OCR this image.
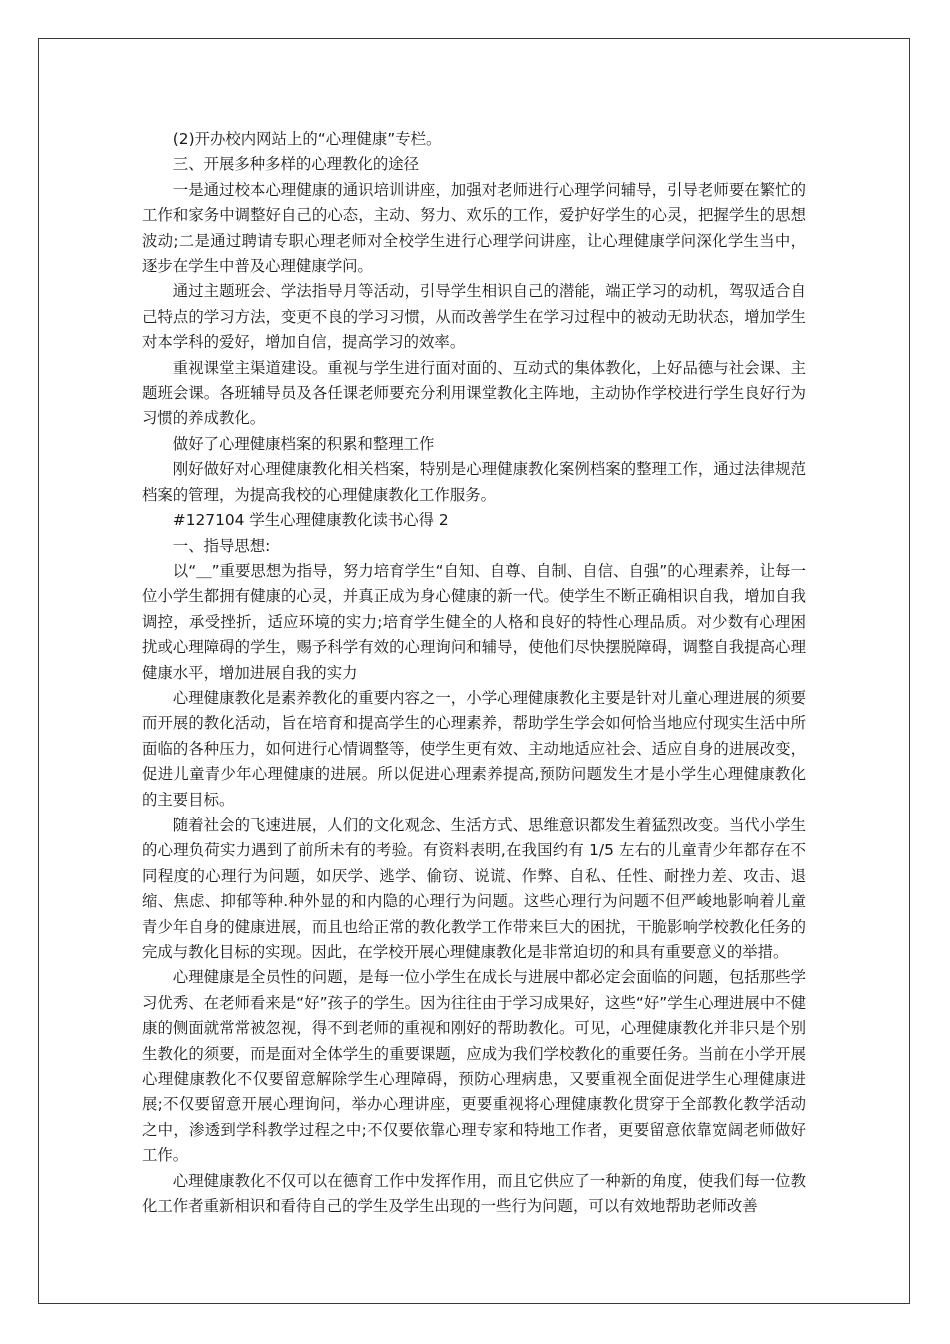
(2)开办校内网站上的“心理健康”专栏。

三、开展多种多样的心理教化的途径

一是通过校本心理健康的通识培训讲座，加强对老师进行心理学问辅导，引导老师要在繁忙的工作和家务中调整好自己的心态，主动、努力、欢乐的工作，爱护好学生的心灵，把握学生的思想波动;二是通过聘请专职心理老师对全校学生进行心理学问讲座，让心理健康学问深化学生当中，逐步在学生中普及心理健康学问。

通过主题班会、学法指导月等活动，引导学生相识自己的潜能，端正学习的动机，驾驭适合自己特点的学习方法，变更不良的学习习惯，从而改善学生在学习过程中的被动无助状态，增加学生对本学科的爱好，增加自信，提高学习的效率。

重视课堂主渠道建设。重视与学生进行面对面的、互动式的集体教化，上好品德与社会课、主题班会课。各班辅导员及各任课老师要充分利用课堂教化主阵地，主动协作学校进行学生良好行为习惯的养成教化。

做好了心理健康档案的积累和整理工作

刚好做好对心理健康教化相关档案，特别是心理健康教化案例档案的整理工作，通过法律规范档案的管理，为提高我校的心理健康教化工作服务。

#127104 学生心理健康教化读书心得 2

一、指导思想:

以“＿”重要思想为指导，努力培育学生“自知、自尊、自制、自信、自强”的心理素养，让每一位小学生都拥有健康的心灵，并真正成为身心健康的新一代。使学生不断正确相识自我，增加自我调控，承受挫折，适应环境的实力;培育学生健全的人格和良好的特性心理品质。对少数有心理困扰或心理障碍的学生，赐予科学有效的心理询问和辅导，使他们尽快摆脱障碍，调整自我提高心理健康水平，增加进展自我的实力

心理健康教化是素养教化的重要内容之一，小学心理健康教化主要是针对儿童心理进展的须要而开展的教化活动，旨在培育和提高学生的心理素养，帮助学生学会如何恰当地应付现实生活中所面临的各种压力，如何进行心情调整等，使学生更有效、主动地适应社会、适应自身的进展改变，促进儿童青少年心理健康的进展。所以促进心理素养提高,预防问题发生才是小学生心理健康教化的主要目标。

随着社会的飞速进展，人们的文化观念、生活方式、思维意识都发生着猛烈改变。当代小学生的心理负荷实力遇到了前所未有的考验。有资料表明,在我国约有 1/5 左右的儿童青少年都存在不同程度的心理行为问题，如厌学、逃学、偷窃、说谎、作弊、自私、任性、耐挫力差、攻击、退缩、焦虑、抑郁等种.种外显的和内隐的心理行为问题。这些心理行为问题不但严峻地影响着儿童青少年自身的健康进展，而且也给正常的教化教学工作带来巨大的困扰，干脆影响学校教化任务的完成与教化目标的实现。因此，在学校开展心理健康教化是非常迫切的和具有重要意义的举措。

心理健康是全员性的问题，是每一位小学生在成长与进展中都必定会面临的问题，包括那些学习优秀、在老师看来是“好”孩子的学生。因为往往由于学习成果好，这些“好”学生心理进展中不健康的侧面就常常被忽视，得不到老师的重视和刚好的帮助教化。可见，心理健康教化并非只是个别生教化的须要，而是面对全体学生的重要课题，应成为我们学校教化的重要任务。当前在小学开展心理健康教化不仅要留意解除学生心理障碍，预防心理病患，又要重视全面促进学生心理健康进展;不仅要留意开展心理询问，举办心理讲座，更要重视将心理健康教化贯穿于全部教化教学活动之中，渗透到学科教学过程之中;不仅要依靠心理专家和特地工作者，更要留意依靠宽阔老师做好工作。

心理健康教化不仅可以在德育工作中发挥作用，而且它供应了一种新的角度，使我们每一位教化工作者重新相识和看待自己的学生及学生出现的一些行为问题，可以有效地帮助老师改善
